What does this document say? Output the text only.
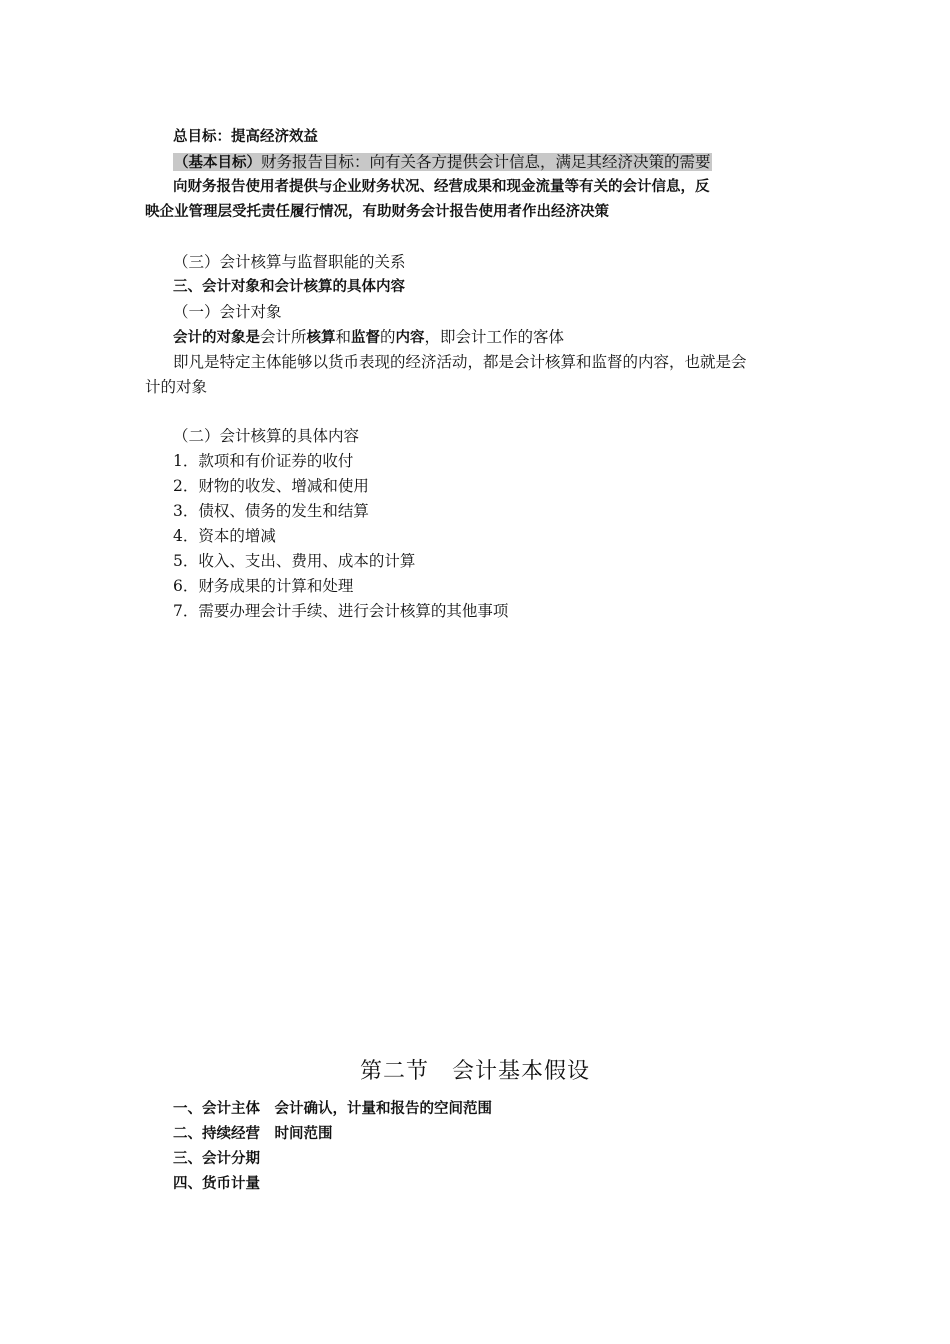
总目标：提高经济效益
（基本目标）财务报告目标：向有关各方提供会计信息，满足其经济决策的需要
向财务报告使用者提供与企业财务状况、经营成果和现金流量等有关的会计信息，反
映企业管理层受托责任履行情况，有助财务会计报告使用者作出经济决策
（三）会计核算与监督职能的关系
三、会计对象和会计核算的具体内容
（一）会计对象
会计的对象是会计所核算和监督的内容，即会计工作的客体
即凡是特定主体能够以货币表现的经济活动，都是会计核算和监督的内容，也就是会
计的对象
（二）会计核算的具体内容
1．款项和有价证券的收付
2．财物的收发、增减和使用
3．债权、债务的发生和结算
4．资本的增减
5．收入、支出、费用、成本的计算
6．财务成果的计算和处理
7．需要办理会计手续、进行会计核算的其他事项
第二节　会计基本假设
一、会计主体　会计确认，计量和报告的空间范围
二、持续经营　时间范围
三、会计分期
四、货币计量
